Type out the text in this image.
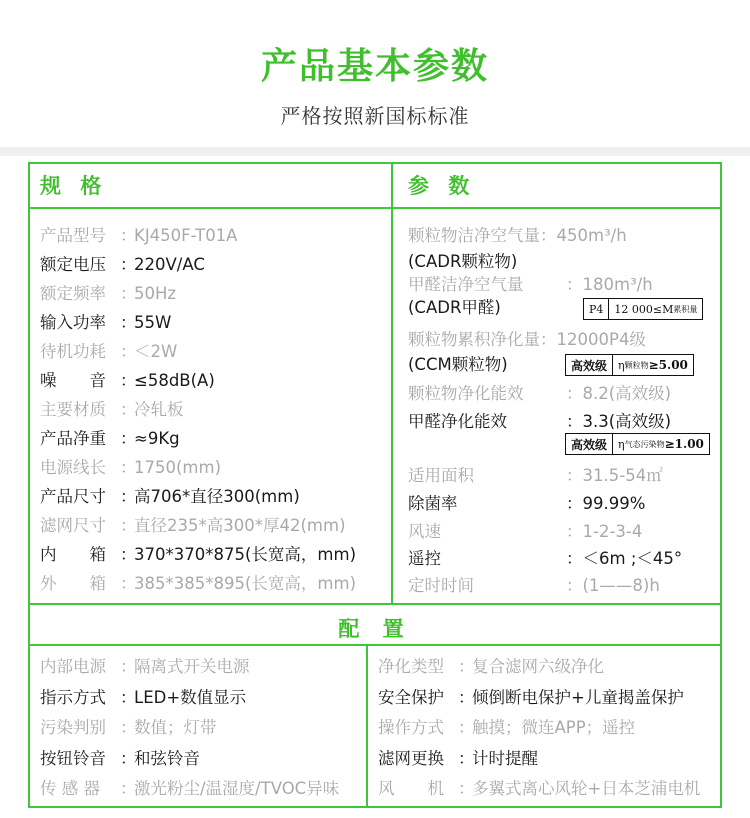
产品基本参数
严格按照新国标标准
规 格	参 数
配 置
产品型号 ：KJ450F-T01A
额定电压 ：220V/AC
额定频率 ：50Hz
输入功率 ：55W
待机功耗 ：＜2W
噪　　音 ：≤58dB(A)
主要材质 ：冷轧板
产品净重 ：≈9Kg
电源线长 ：1750(mm)
产品尺寸 ：高706*直径300(mm)
滤网尺寸 ：直径235*高300*厚42(mm)
内　　箱 ：370*370*875(长宽高，mm)
外　　箱 ：385*385*895(长宽高，mm)
颗粒物洁净空气量：450m³/h
(CADR颗粒物)
甲醛洁净空气量	：180m³/h
(CADR甲醛)	P4	12 000≤M 累积量
颗粒物累积净化量：12000P4级
(CCM颗粒物)	高效级	η 颗粒物 ≥5.00
颗粒物净化能效	：8.2(高效级)
甲醛净化能效	：3.3(高效级)
高效级	η 气态污染物 ≥1.00
适用面积	：31.5-54㎡
除菌率	：99.99%
风速	：1-2-3-4
遥控	：＜6m ;＜45°
定时时间	：(1——8)h
内部电源 ：隔离式开关电源
指示方式 ：LED+数值显示
污染判别 ：数值；灯带
按钮铃音 ：和弦铃音
传 感 器 ：激光粉尘/温湿度/TVOC异味
净化类型 ：复合滤网六级净化
安全保护 ：倾倒断电保护+儿童揭盖保护
操作方式 ：触摸；微连APP；遥控
滤网更换 ：计时提醒
风　　机 ：多翼式离心风轮+日本芝浦电机
